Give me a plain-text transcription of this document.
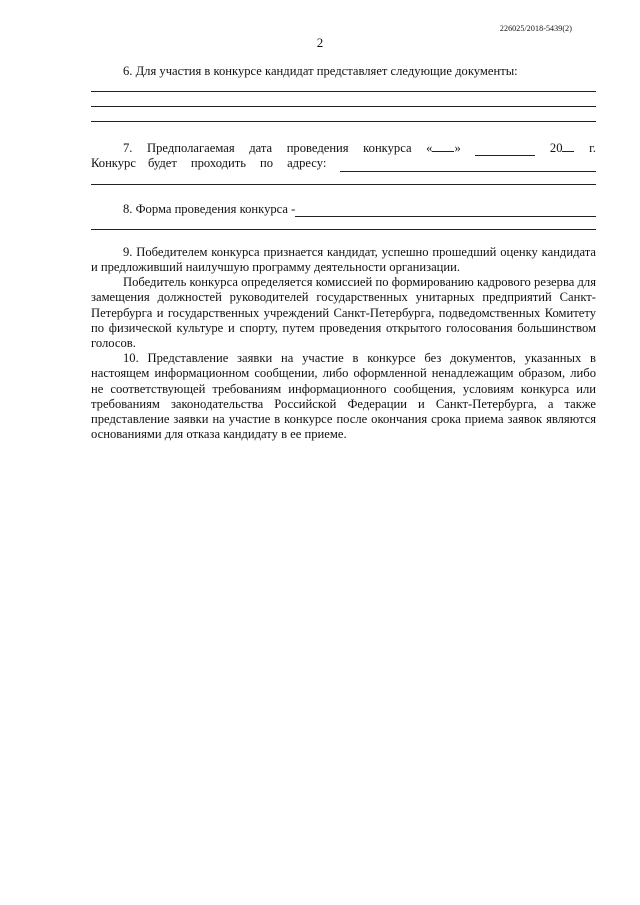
226025/2018-5439(2)
2

6. Для участия в конкурсе кандидат представляет следующие документы:

7. Предполагаемая дата проведения конкурса « »	20	г.
Конкурс будет проходить по адресу:
8. Форма проведения конкурса -

9. Победителем конкурса признается кандидат, успешно прошедший оценку кандидата и предложивший наилучшую программу деятельности организации.

Победитель конкурса определяется комиссией по формированию кадрового резерва для замещения должностей руководителей государственных унитарных предприятий Санкт-Петербурга и государственных учреждений Санкт-Петербурга, подведомственных Комитету по физической культуре и спорту, путем проведения открытого голосования большинством голосов.

10. Представление заявки на участие в конкурсе без документов, указанных в настоящем информационном сообщении, либо оформленной ненадлежащим образом, либо не соответствующей требованиям информационного сообщения, условиям конкурса или требованиям законодательства Российской Федерации и Санкт-Петербурга, а также представление заявки на участие в конкурсе после окончания срока приема заявок являются основаниями для отказа кандидату в ее приеме.
